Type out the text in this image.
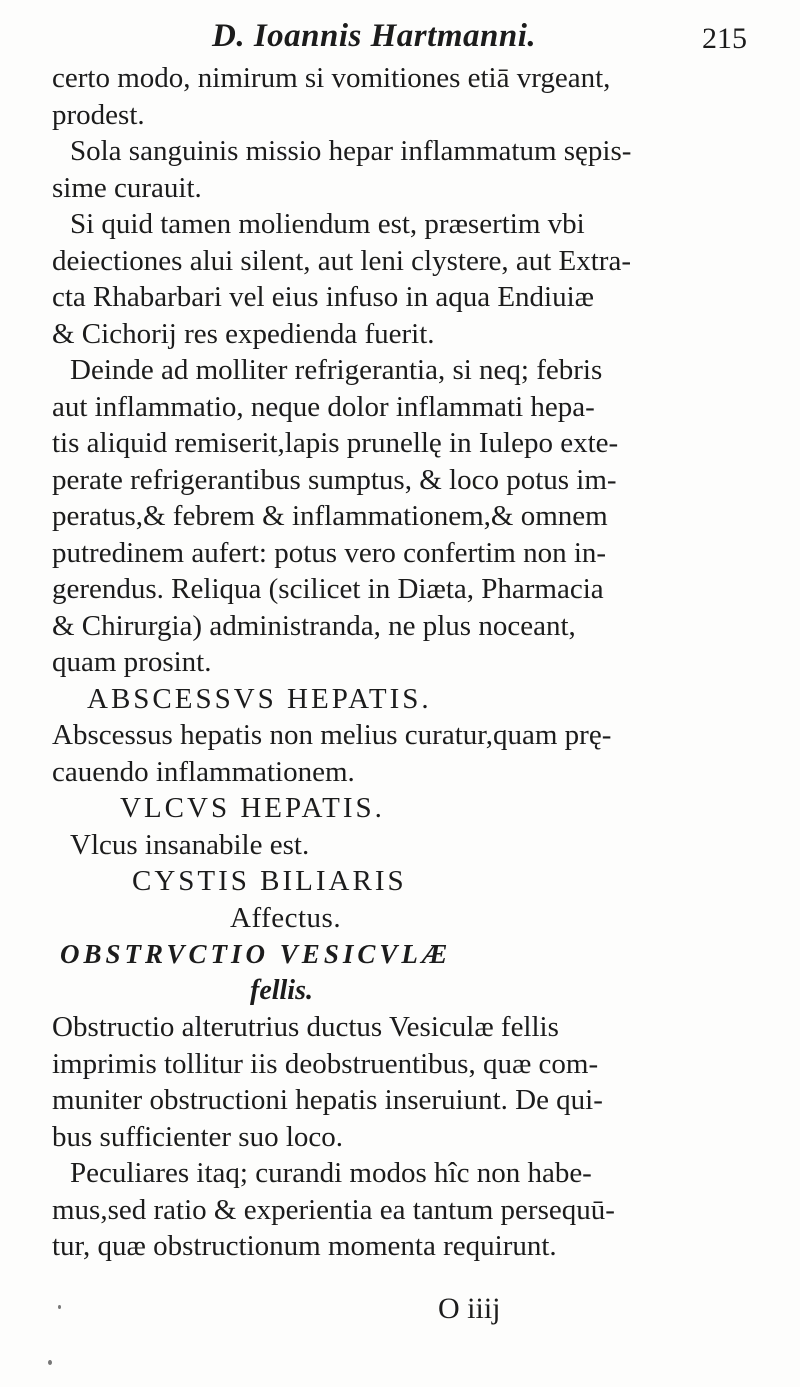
D. Ioannis Hartmanni.	215
certo modo, nimirum si vomitiones etiā vrgeant,
prodest.
Sola sanguinis missio hepar inflammatum sępis-
sime curauit.
Si quid tamen moliendum est, præsertim vbi
deiectiones alui silent, aut leni clystere, aut Extra-
cta Rhabarbari vel eius infuso in aqua Endiuiæ
& Cichorij res expedienda fuerit.
Deinde ad molliter refrigerantia, si neq; febris
aut inflammatio, neque dolor inflammati hepa-
tis aliquid remiserit,lapis prunellę in Iulepo exte-
perate refrigerantibus sumptus, & loco potus im-
peratus,& febrem & inflammationem,& omnem
putredinem aufert: potus vero confertim non in-
gerendus. Reliqua (scilicet in Diæta, Pharmacia
& Chirurgia) administranda, ne plus noceant,
quam prosint.
ABSCESSVS HEPATIS.
Abscessus hepatis non melius curatur,quam prę-
cauendo inflammationem.
VLCVS HEPATIS.
Vlcus insanabile est.
CYSTIS BILIARIS
Affectus.
OBSTRVCTIO VESICVLÆ
fellis.
Obstructio alterutrius ductus Vesiculæ fellis
imprimis tollitur iis deobstruentibus, quæ com-
muniter obstructioni hepatis inseruiunt. De qui-
bus sufficienter suo loco.
Peculiares itaq; curandi modos hîc non habe-
mus,sed ratio & experientia ea tantum persequū-
tur, quæ obstructionum momenta requirunt.
O iiij
